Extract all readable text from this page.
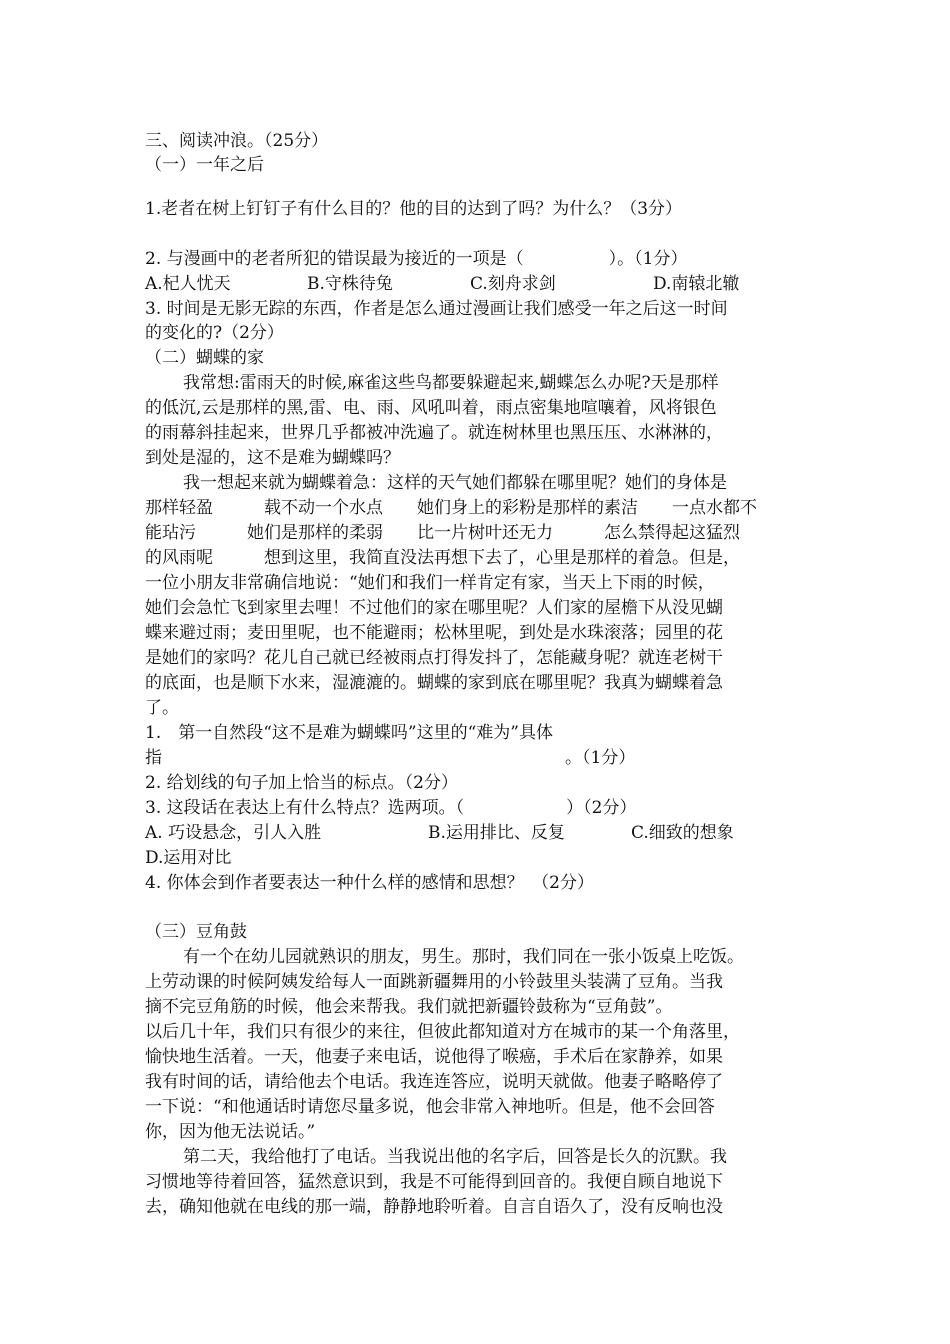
三、阅读冲浪。（25分）
（一）一年之后
1.老者在树上钉钉子有什么目的？他的目的达到了吗？为什么？（3分）
2. 与漫画中的老者所犯的错误最为接近的一项是（　　　　　）。（1分）
A.杞人忧天	B.守株待兔	C.刻舟求剑	D.南辕北辙
3. 时间是无影无踪的东西，作者是怎么通过漫画让我们感受一年之后这一时间
的变化的?（2分）
（二）蝴蝶的家
我常想:雷雨天的时候,麻雀这些鸟都要躲避起来,蝴蝶怎么办呢?天是那样
的低沉,云是那样的黑,雷、电、雨、风吼叫着，雨点密集地喧嚷着，风将银色
的雨幕斜挂起来，世界几乎都被冲洗遍了。就连树林里也黑压压、水淋淋的，
到处是湿的，这不是难为蝴蝶吗？
我一想起来就为蝴蝶着急：这样的天气她们都躲在哪里呢？她们的身体是
那样轻盈　　　载不动一个水点　　她们身上的彩粉是那样的素洁　　一点水都不
能玷污　　　她们是那样的柔弱　　比一片树叶还无力　　　怎么禁得起这猛烈
的风雨呢　　　想到这里，我简直没法再想下去了，心里是那样的着急。但是，
一位小朋友非常确信地说：“她们和我们一样肯定有家，当天上下雨的时候，
她们会急忙飞到家里去哩！不过他们的家在哪里呢？人们家的屋檐下从没见蝴
蝶来避过雨；麦田里呢，也不能避雨；松林里呢，到处是水珠滚落；园里的花
是她们的家吗？花儿自己就已经被雨点打得发抖了，怎能藏身呢？就连老树干
的底面，也是顺下水来，湿漉漉的。蝴蝶的家到底在哪里呢？我真为蝴蝶着急
了。
1.　第一自然段“这不是难为蝴蝶吗”这里的“难为”具体
指	。（1分）
2. 给划线的句子加上恰当的标点。（2分）
3. 这段话在表达上有什么特点？选两项。（　　　　　　）（2分）
A. 巧设悬念，引人入胜	B.运用排比、反复	C.细致的想象
D.运用对比
4. 你体会到作者要表达一种什么样的感情和思想？　（2分）
（三）豆角鼓
有一个在幼儿园就熟识的朋友，男生。那时，我们同在一张小饭桌上吃饭。
上劳动课的时候阿姨发给每人一面跳新疆舞用的小铃鼓里头装满了豆角。当我
摘不完豆角筋的时候，他会来帮我。我们就把新疆铃鼓称为“豆角鼓”。
以后几十年，我们只有很少的来往，但彼此都知道对方在城市的某一个角落里，
愉快地生活着。一天，他妻子来电话，说他得了喉癌，手术后在家静养，如果
我有时间的话，请给他去个电话。我连连答应，说明天就做。他妻子略略停了
一下说：“和他通话时请您尽量多说，他会非常入神地听。但是，他不会回答
你，因为他无法说话。”
第二天，我给他打了电话。当我说出他的名字后，回答是长久的沉默。我
习惯地等待着回答，猛然意识到，我是不可能得到回音的。我便自顾自地说下
去，确知他就在电线的那一端，静静地聆听着。自言自语久了，没有反响也没
